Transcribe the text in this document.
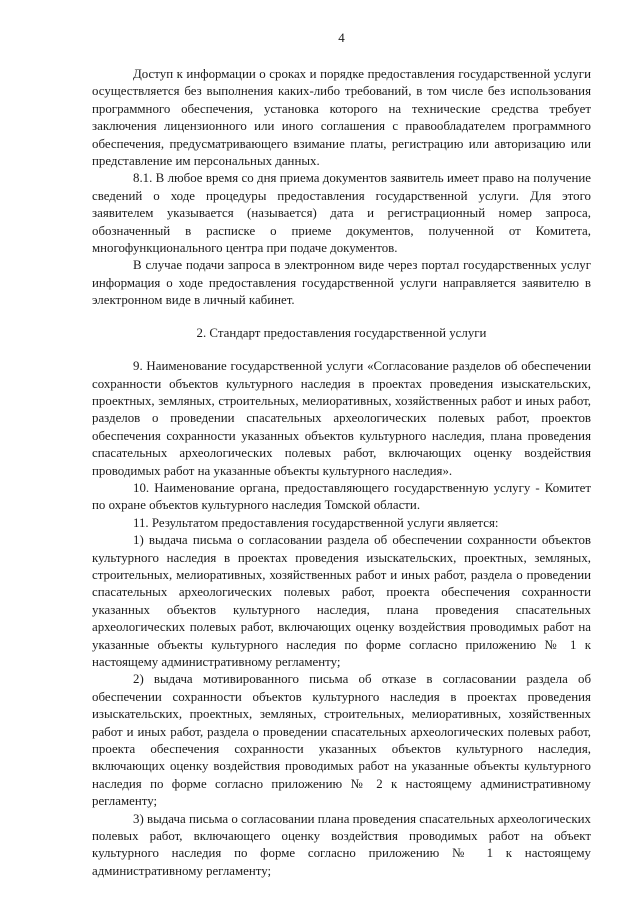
4

Доступ к информации о сроках и порядке предоставления государственной услуги осуществляется без выполнения каких-либо требований, в том числе без использования программного обеспечения, установка которого на технические средства требует заключения лицензионного или иного соглашения с правообладателем программного обеспечения, предусматривающего взимание платы, регистрацию или авторизацию или представление им персональных данных.

8.1. В любое время со дня приема документов заявитель имеет право на получение сведений о ходе процедуры предоставления государственной услуги. Для этого заявителем указывается (называется) дата и регистрационный номер запроса, обозначенный в расписке о приеме документов, полученной от Комитета, многофункционального центра при подаче документов.

В случае подачи запроса в электронном виде через портал государственных услуг информация о ходе предоставления государственной услуги направляется заявителю в электронном виде в личный кабинет.

2. Стандарт предоставления государственной услуги

9. Наименование государственной услуги «Согласование разделов об обеспечении сохранности объектов культурного наследия в проектах проведения изыскательских, проектных, земляных, строительных, мелиоративных, хозяйственных работ и иных работ, разделов о проведении спасательных археологических полевых работ, проектов обеспечения сохранности указанных объектов культурного наследия, плана проведения спасательных археологических полевых работ, включающих оценку воздействия проводимых работ на указанные объекты культурного наследия».

10. Наименование органа, предоставляющего государственную услугу - Комитет по охране объектов культурного наследия Томской области.

11. Результатом предоставления государственной услуги является:

1) выдача письма о согласовании раздела об обеспечении сохранности объектов культурного наследия в проектах проведения изыскательских, проектных, земляных, строительных, мелиоративных, хозяйственных работ и иных работ, раздела о проведении спасательных археологических полевых работ, проекта обеспечения сохранности указанных объектов культурного наследия, плана проведения спасательных археологических полевых работ, включающих оценку воздействия проводимых работ на указанные объекты культурного наследия по форме согласно приложению № 1 к настоящему административному регламенту;

2) выдача мотивированного письма об отказе в согласовании раздела об обеспечении сохранности объектов культурного наследия в проектах проведения изыскательских, проектных, земляных, строительных, мелиоративных, хозяйственных работ и иных работ, раздела о проведении спасательных археологических полевых работ, проекта обеспечения сохранности указанных объектов культурного наследия, включающих оценку воздействия проводимых работ на указанные объекты культурного наследия по форме согласно приложению № 2 к настоящему административному регламенту;

3) выдача письма о согласовании плана проведения спасательных археологических полевых работ, включающего оценку воздействия проводимых работ на объект культурного наследия по форме согласно приложению № 1 к настоящему административному регламенту;
